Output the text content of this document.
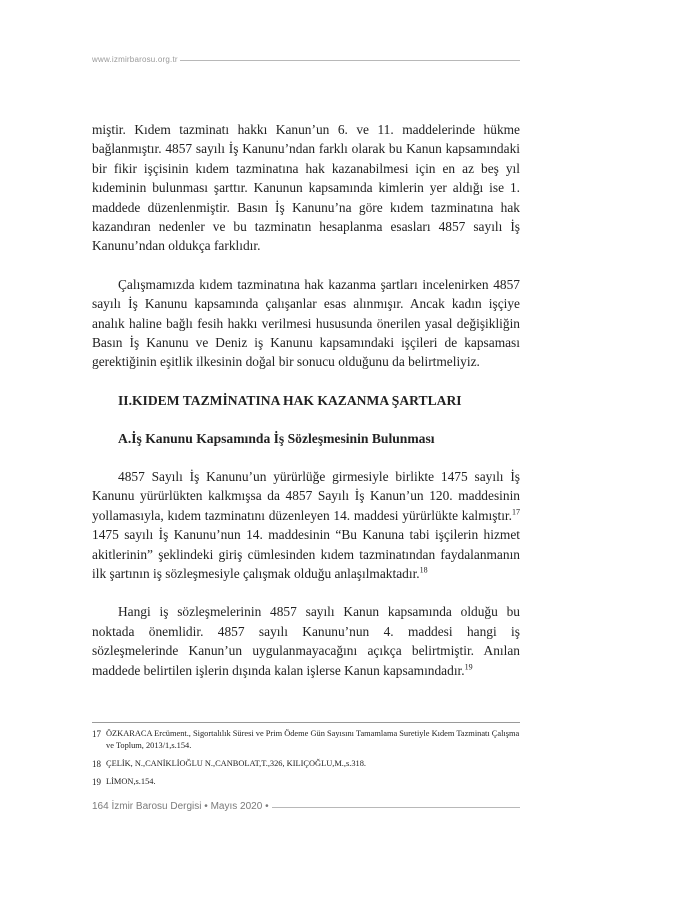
www.izmirbarosu.org.tr

miştir. Kıdem tazminatı hakkı Kanun’un 6. ve 11. maddelerinde hükme bağlanmıştır. 4857 sayılı İş Kanunu’ndan farklı olarak bu Kanun kapsamındaki bir fikir işçisinin kıdem tazminatına hak kazanabilmesi için en az beş yıl kıdeminin bulunması şarttır. Kanunun kapsamında kimlerin yer aldığı ise 1. maddede düzenlenmiştir. Basın İş Kanunu’na göre kıdem tazminatına hak kazandıran nedenler ve bu tazminatın hesaplanma esasları 4857 sayılı İş Kanunu’ndan oldukça farklıdır.

Çalışmamızda kıdem tazminatına hak kazanma şartları incelenirken 4857 sayılı İş Kanunu kapsamında çalışanlar esas alınmışır. Ancak kadın işçiye analık haline bağlı fesih hakkı verilmesi hususunda önerilen yasal değişikliğin Basın İş Kanunu ve Deniz iş Kanunu kapsamındaki işçileri de kapsaması gerektiğinin eşitlik ilkesinin doğal bir sonucu olduğunu da belirtmeliyiz.

II.KIDEM TAZMİNATINA HAK KAZANMA ŞARTLARI

A.İş Kanunu Kapsamında İş Sözleşmesinin Bulunması

4857 Sayılı İş Kanunu’un yürürlüğe girmesiyle birlikte 1475 sayılı İş Kanunu yürürlükten kalkmışsa da 4857 Sayılı İş Kanun’un 120. maddesinin yollamasıyla, kıdem tazminatını düzenleyen 14. maddesi yürürlükte kalmıştır.$^{17}$ 1475 sayılı İş Kanunu’nun 14. maddesinin “Bu Kanuna tabi işçilerin hizmet akitlerinin” şeklindeki giriş cümlesinden kıdem tazminatından faydalanmanın ilk şartının iş sözleşmesiyle çalışmak olduğu anlaşılmaktadır.$^{18}$

Hangi iş sözleşmelerinin 4857 sayılı Kanun kapsamında olduğu bu noktada önemlidir. 4857 sayılı Kanunu’nun 4. maddesi hangi iş sözleşmelerinde Kanun’un uygulanmayacağını açıkça belirtmiştir. Anılan maddede belirtilen işlerin dışında kalan işlerse Kanun kapsamındadır.$^{19}$

17 ÖZKARACA Ercüment., Sigortalılık Süresi ve Prim Ödeme Gün Sayısını Tamamlama Suretiyle Kıdem Tazminatı Çalışma ve Toplum, 2013/1,s.154.
18 ÇELİK, N.,CANİKLİOĞLU N.,CANBOLAT,T.,326, KILIÇOĞLU,M.,s.318.
19 LİMON,s.154.
164
İzmir Barosu Dergisi
•
Mayıs 2020
•
